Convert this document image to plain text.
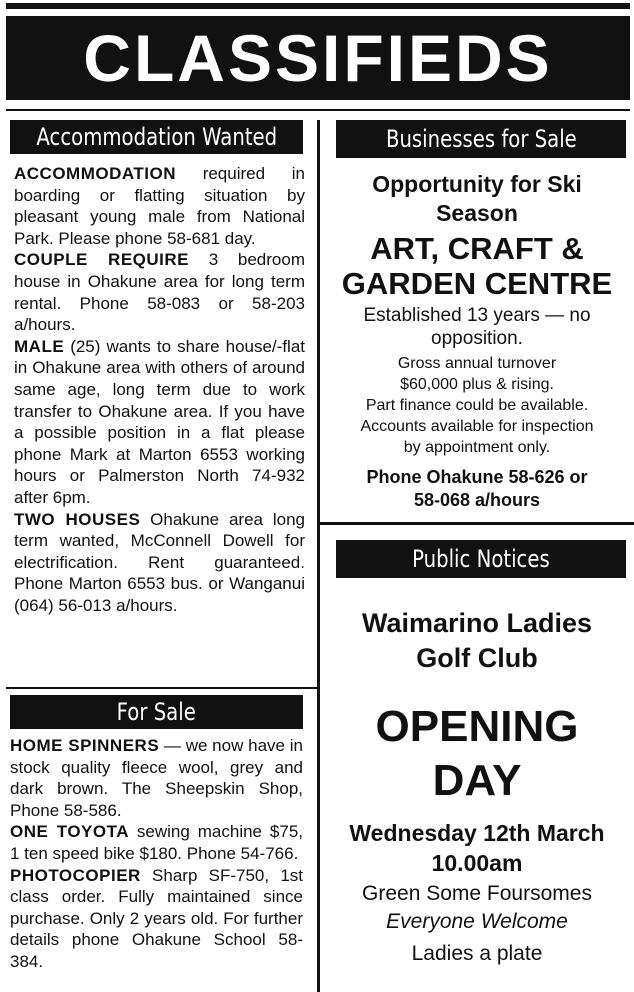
CLASSIFIEDS
Accommodation Wanted

ACCOMMODATION required in boarding or flatting situation by pleasant young male from National Park. Please phone 58-681 day.

COUPLE REQUIRE 3 bedroom house in Ohakune area for long term rental. Phone 58-083 or 58-203 a/hours.

MALE (25) wants to share house/-flat in Ohakune area with others of around same age, long term due to work transfer to Ohakune area. If you have a possible position in a flat please phone Mark at Marton 6553 working hours or Palmerston North 74-932 after 6pm.

TWO HOUSES Ohakune area long term wanted, McConnell Dowell for electrification. Rent guaranteed. Phone Marton 6553 bus. or Wanganui (064) 56-013 a/hours.

For Sale

HOME SPINNERS — we now have in stock quality fleece wool, grey and dark brown. The Sheepskin Shop, Phone 58-586.

ONE TOYOTA sewing machine $75, 1 ten speed bike $180. Phone 54-766.

PHOTOCOPIER Sharp SF-750, 1st class order. Fully maintained since purchase. Only 2 years old. For further details phone Ohakune School 58-384.

Businesses for Sale
Opportunity for Ski
Season
ART, CRAFT &
GARDEN CENTRE
Established 13 years — no
opposition.
Gross annual turnover
$60,000 plus & rising.
Part finance could be available.
Accounts available for inspection
by appointment only.
Phone Ohakune 58-626 or
58-068 a/hours
Public Notices
Waimarino Ladies
Golf Club
OPENING
DAY
Wednesday 12th March
10.00am
Green Some Foursomes
Everyone Welcome
Ladies a plate
